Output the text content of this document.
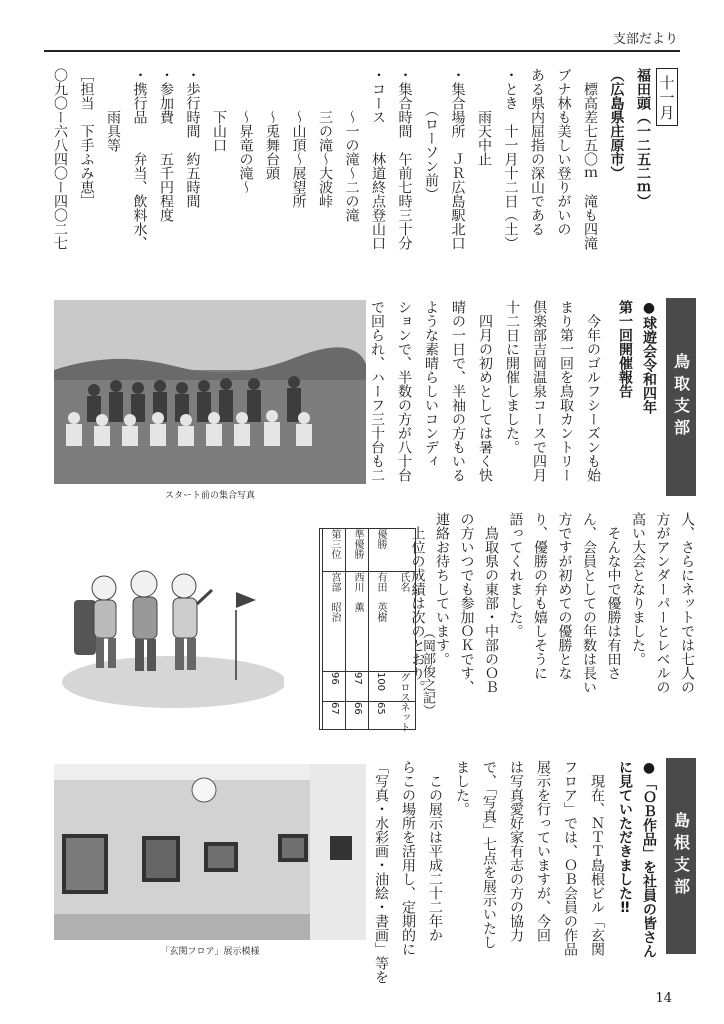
支部だより
十一月
福田頭（一二五二ｍ）
（広島県庄原市）
　標高差七五〇ｍ　滝も四滝
ブナ林も美しい登りがいの
ある県内屈指の深山である
・とき　十一月十二日（土）
　　　雨天中止
・集合場所　ＪＲ広島駅北口
　　　（ローソン前）
・集合時間　午前七時三十分
・コース　　林道終点登山口
　　　～一の滝～二の滝
　　　三の滝～大波峠
　　　～山頂～展望所
　　　～兎舞台頭
　　　～昇竜の滝～
　　　下山口
・歩行時間　約五時間
・参加費　　五千円程度
・携行品　　弁当、飲料水、
　　　雨具等
［担当　下手ふみ恵］
〇九〇ー六八四〇ー四〇二七
鳥取支部
●球遊会令和四年
第一回開催報告
　今年のゴルフシーズンも始
まり第一回を鳥取カントリー
倶楽部吉岡温泉コースで四月
十二日に開催しました。
　四月の初めとしては暑く快
晴の一日で、半袖の方もいる
ような素晴らしいコンディ
ションで、半数の方が八十台
で回られ、ハーフ三十台も二
スタート前の集合写真
人、さらにネットでは七人の
方がアンダーパーとレベルの
高い大会となりました。
　そんな中で優勝は有田さ
ん、会員としての年数は長い
方ですが初めての優勝とな
り、優勝の弁も嬉しそうに
語ってくれました。
　鳥取県の東部・中部のＯＢ
の方いつでも参加ＯＫです、
連絡お待ちしています。
　上位の成績は次のとおり。
氏名
グロス
ネット
優勝
有田　英樹
100
65
準優勝
西川　薫
97
66
第三位
宮部　昭治
96
67	（岡部俊之記）
島根支部
●「ＯＢ作品」を社員の皆さん
に見ていただきました‼
　現在、ＮＴＴ島根ビル「玄関
フロア」では、ＯＢ会員の作品
展示を行っていますが、今回
は写真愛好家有志の方の協力
で、「写真」七点を展示いたし
ました。
　この展示は平成二十二年か
らこの場所を活用し、定期的に
「写真・水彩画・油絵・書画」等を
「玄関フロア」展示模様
14
